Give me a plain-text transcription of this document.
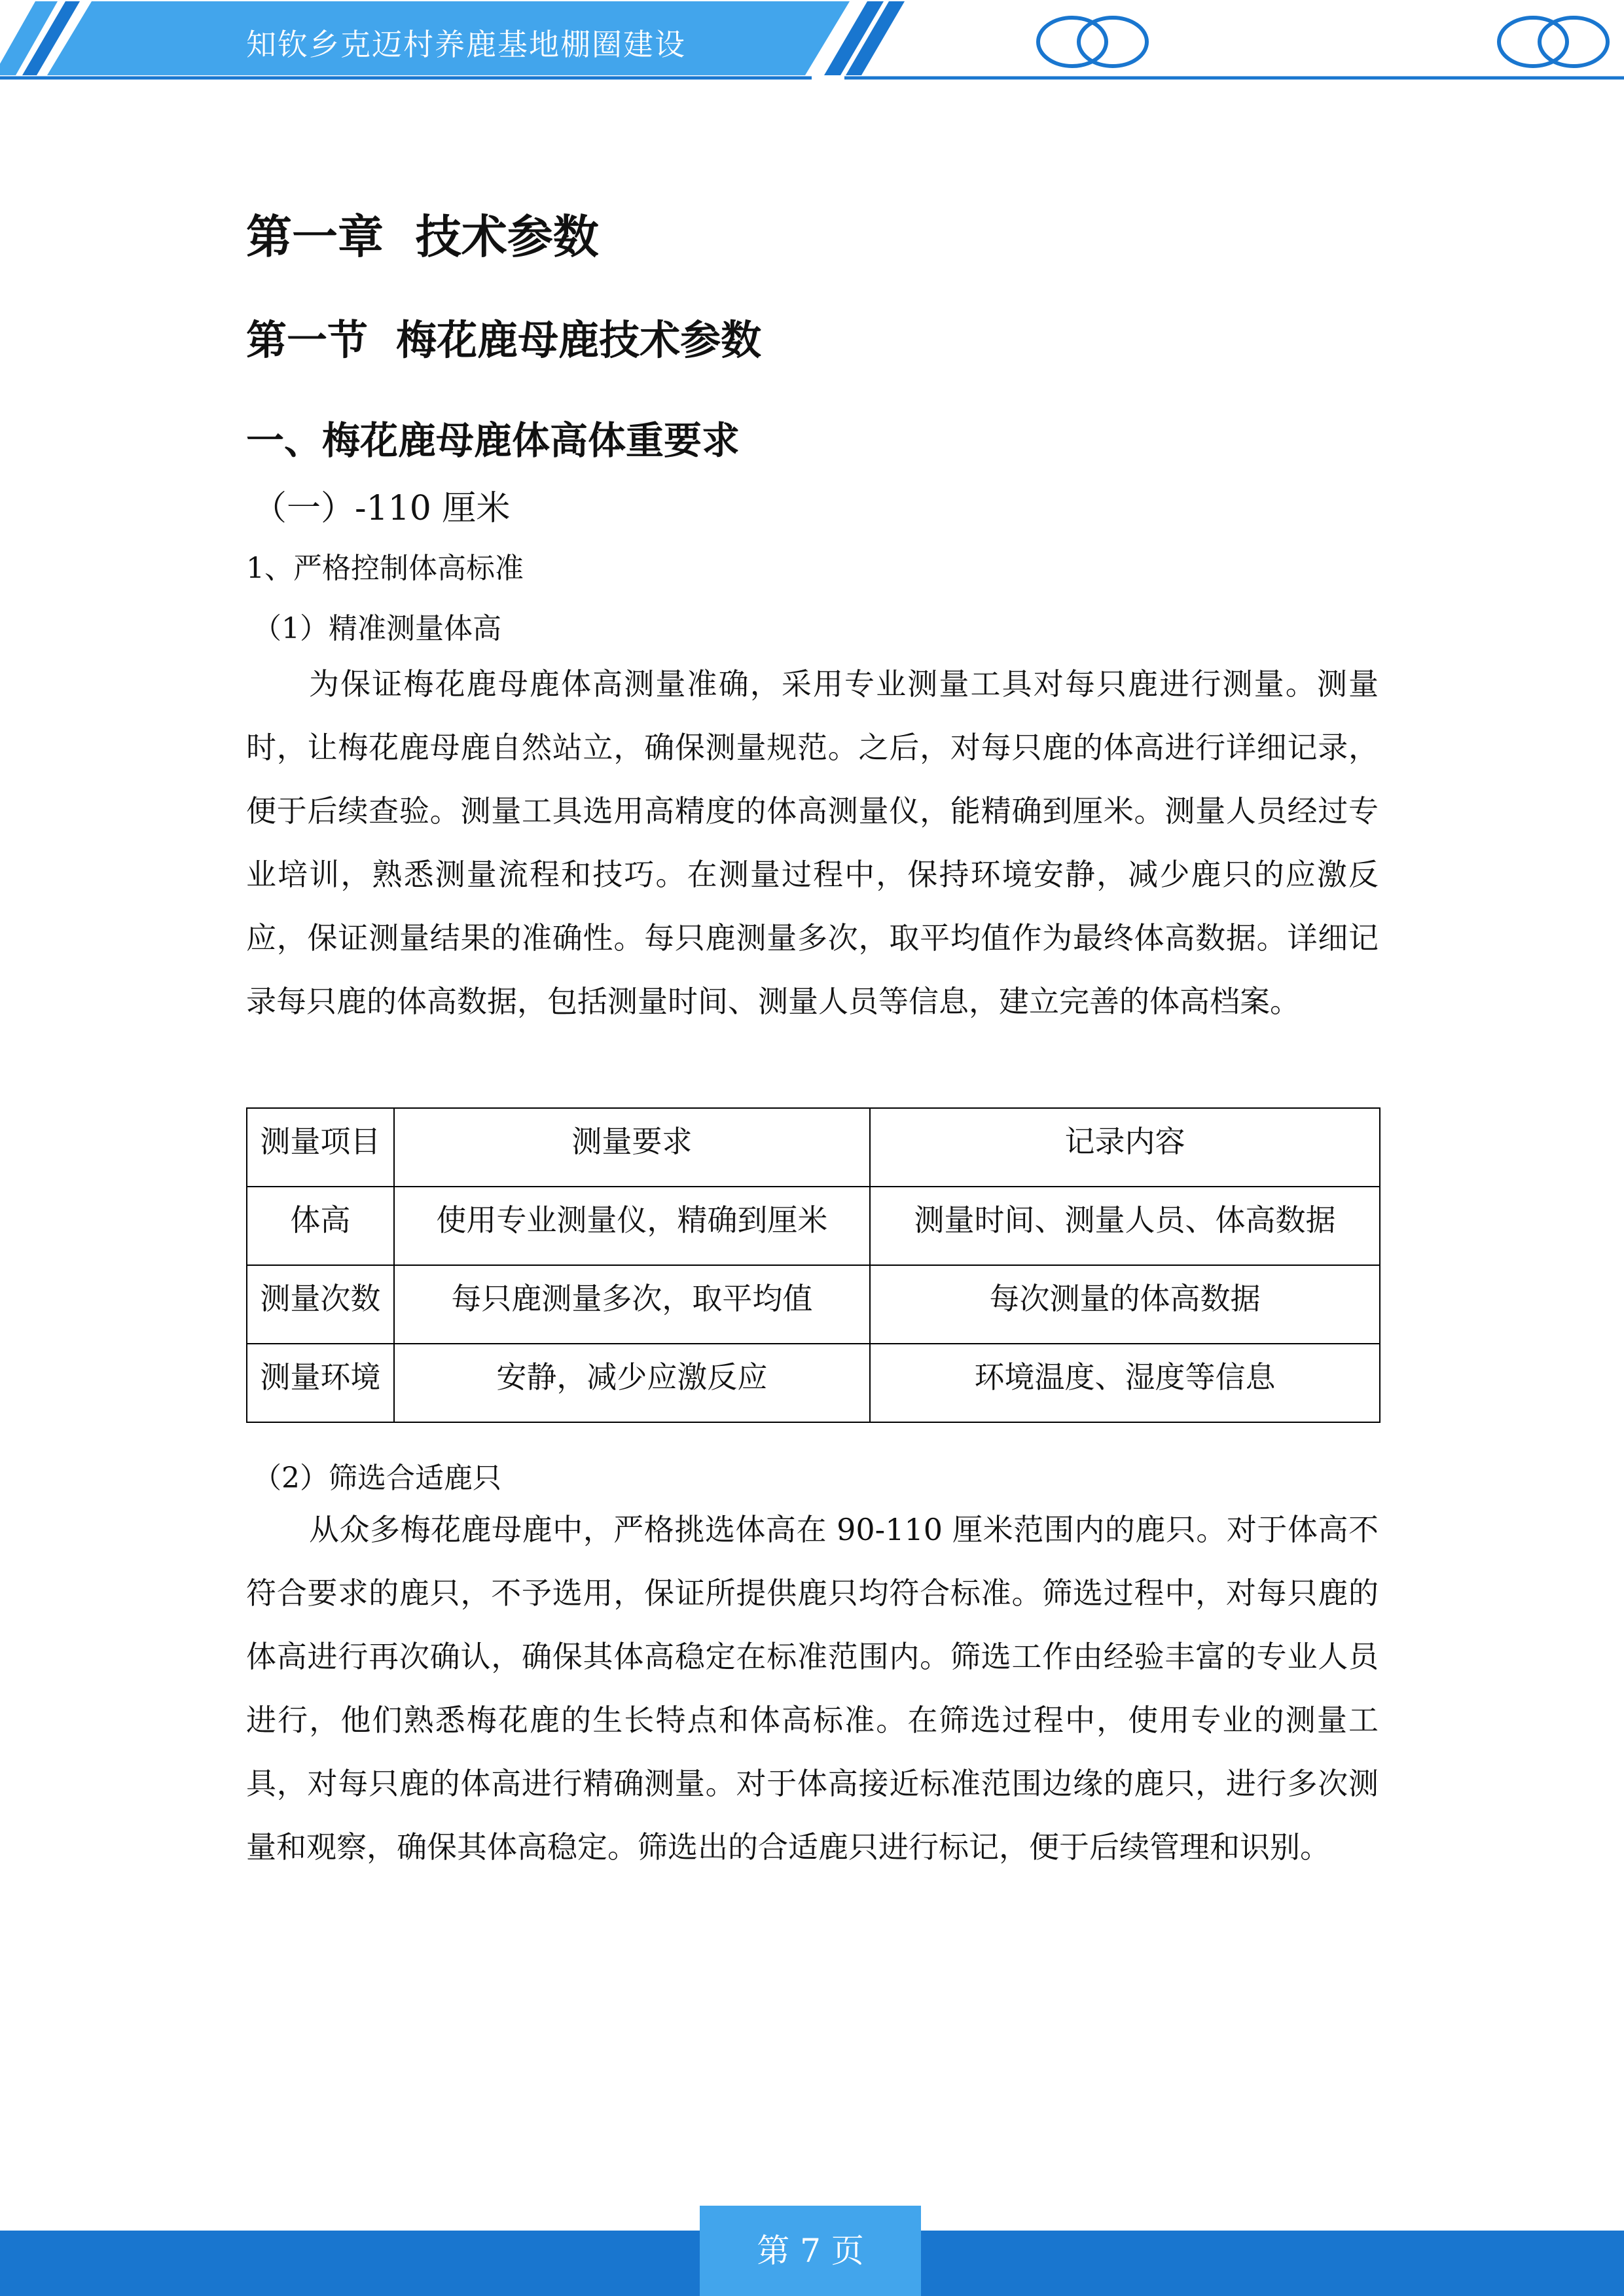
知钦乡克迈村养鹿基地棚圈建设
第一章  技术参数
第一节  梅花鹿母鹿技术参数
一、梅花鹿母鹿体高体重要求
（一）-110 厘米
1、严格控制体高标准
（1）精准测量体高

为保证梅花鹿母鹿体高测量准确，采用专业测量工具对每只鹿进行测量。测量时，让梅花鹿母鹿自然站立，确保测量规范。之后，对每只鹿的体高进行详细记录，便于后续查验。测量工具选用高精度的体高测量仪，能精确到厘米。测量人员经过专业培训，熟悉测量流程和技巧。在测量过程中，保持环境安静，减少鹿只的应激反应，保证测量结果的准确性。每只鹿测量多次，取平均值作为最终体高数据。详细记录每只鹿的体高数据，包括测量时间、测量人员等信息，建立完善的体高档案。

测量项目	测量要求	记录内容
体高	使用专业测量仪，精确到厘米	测量时间、测量人员、体高数据
测量次数	每只鹿测量多次，取平均值	每次测量的体高数据
测量环境	安静，减少应激反应	环境温度、湿度等信息
（2）筛选合适鹿只

从众多梅花鹿母鹿中，严格挑选体高在 90-110 厘米范围内的鹿只。对于体高不符合要求的鹿只，不予选用，保证所提供鹿只均符合标准。筛选过程中，对每只鹿的体高进行再次确认，确保其体高稳定在标准范围内。筛选工作由经验丰富的专业人员进行，他们熟悉梅花鹿的生长特点和体高标准。在筛选过程中，使用专业的测量工具，对每只鹿的体高进行精确测量。对于体高接近标准范围边缘的鹿只，进行多次测量和观察，确保其体高稳定。筛选出的合适鹿只进行标记，便于后续管理和识别。

第 7 页
